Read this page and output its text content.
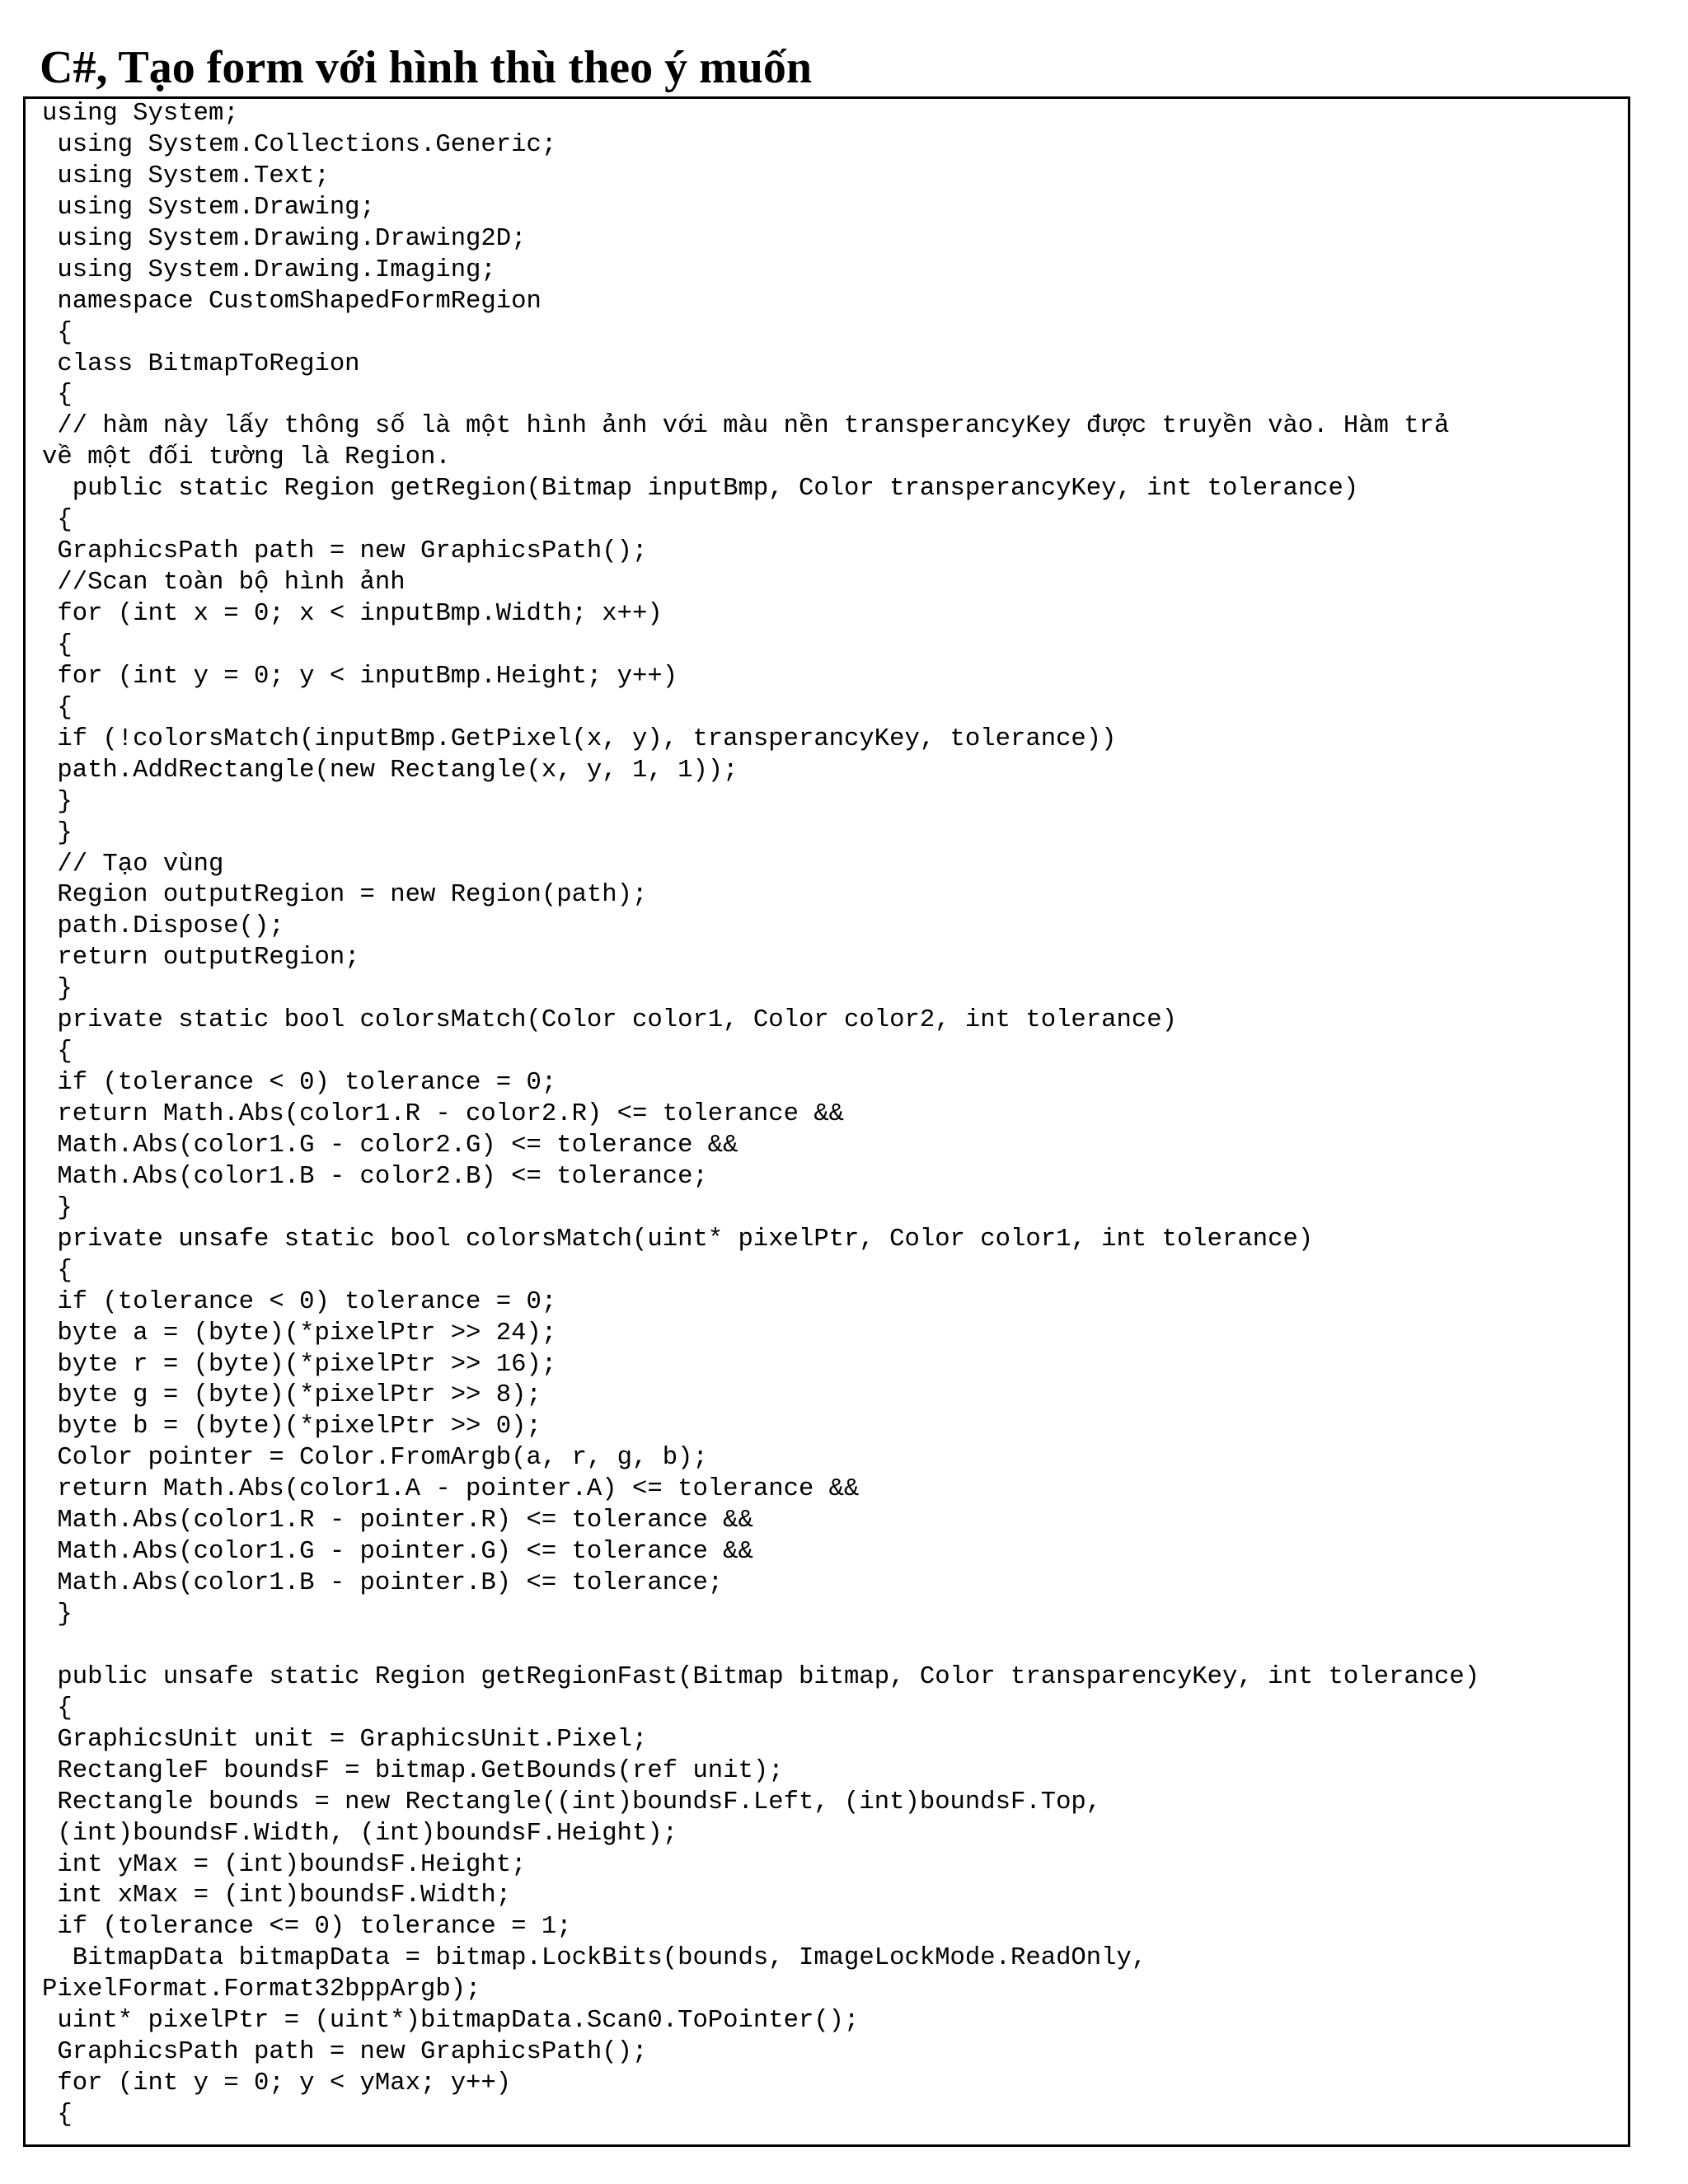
C#, Tạo form với hình thù theo ý muốn
using System;
using System.Collections.Generic;
using System.Text;
using System.Drawing;
using System.Drawing.Drawing2D;
using System.Drawing.Imaging;
namespace CustomShapedFormRegion
{
class BitmapToRegion
{
// hàm này lấy thông số là một hình ảnh với màu nền transperancyKey được truyền vào. Hàm trả
về một đối tường là Region.
public static Region getRegion(Bitmap inputBmp, Color transperancyKey, int tolerance)
{
GraphicsPath path = new GraphicsPath();
//Scan toàn bộ hình ảnh
for (int x = 0; x < inputBmp.Width; x++)
{
for (int y = 0; y < inputBmp.Height; y++)
{
if (!colorsMatch(inputBmp.GetPixel(x, y), transperancyKey, tolerance))
path.AddRectangle(new Rectangle(x, y, 1, 1));
}
}
// Tạo vùng
Region outputRegion = new Region(path);
path.Dispose();
return outputRegion;
}
private static bool colorsMatch(Color color1, Color color2, int tolerance)
{
if (tolerance < 0) tolerance = 0;
return Math.Abs(color1.R - color2.R) <= tolerance &&
Math.Abs(color1.G - color2.G) <= tolerance &&
Math.Abs(color1.B - color2.B) <= tolerance;
}
private unsafe static bool colorsMatch(uint* pixelPtr, Color color1, int tolerance)
{
if (tolerance < 0) tolerance = 0;
byte a = (byte)(*pixelPtr >> 24);
byte r = (byte)(*pixelPtr >> 16);
byte g = (byte)(*pixelPtr >> 8);
byte b = (byte)(*pixelPtr >> 0);
Color pointer = Color.FromArgb(a, r, g, b);
return Math.Abs(color1.A - pointer.A) <= tolerance &&
Math.Abs(color1.R - pointer.R) <= tolerance &&
Math.Abs(color1.G - pointer.G) <= tolerance &&
Math.Abs(color1.B - pointer.B) <= tolerance;
}
public unsafe static Region getRegionFast(Bitmap bitmap, Color transparencyKey, int tolerance)
{
GraphicsUnit unit = GraphicsUnit.Pixel;
RectangleF boundsF = bitmap.GetBounds(ref unit);
Rectangle bounds = new Rectangle((int)boundsF.Left, (int)boundsF.Top,
(int)boundsF.Width, (int)boundsF.Height);
int yMax = (int)boundsF.Height;
int xMax = (int)boundsF.Width;
if (tolerance <= 0) tolerance = 1;
BitmapData bitmapData = bitmap.LockBits(bounds, ImageLockMode.ReadOnly,
PixelFormat.Format32bppArgb);
uint* pixelPtr = (uint*)bitmapData.Scan0.ToPointer();
GraphicsPath path = new GraphicsPath();
for (int y = 0; y < yMax; y++)
{
